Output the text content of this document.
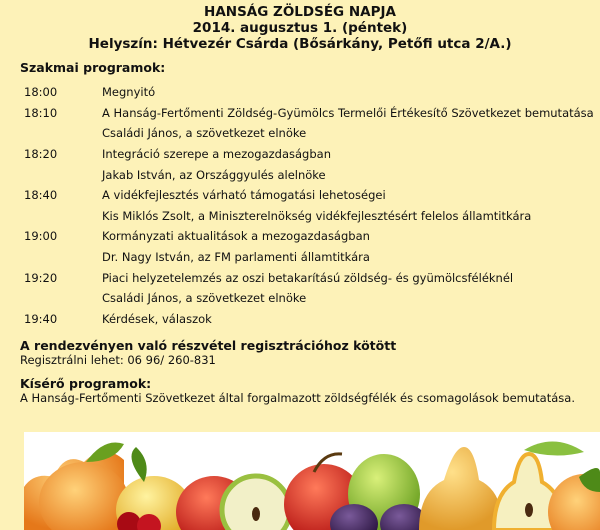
HANSÁG ZÖLDSÉG NAPJA
2014. augusztus 1. (péntek)
Helyszín: Hétvezér Csárda (Bősárkány, Petőfi utca 2/A.)
Szakmai programok:
18:00	Megnyitó
18:10	A Hanság-Fertőmenti Zöldség-Gyümölcs Termelői Értékesítő Szövetkezet bemutatása
Családi János, a szövetkezet elnöke
18:20	Integráció szerepe a mezogazdaságban
Jakab István, az Országgyulés alelnöke
18:40	A vidékfejlesztés várható támogatási lehetoségei
Kis Miklós Zsolt, a Miniszterelnökség vidékfejlesztésért felelos államtitkára
19:00	Kormányzati aktualitások a mezogazdaságban
Dr. Nagy István, az FM parlamenti államtitkára
19:20	Piaci helyzetelemzés az oszi betakarítású zöldség- és gyümölcsféléknél
Családi János, a szövetkezet elnöke
19:40	Kérdések, válaszok
A rendezvényen való részvétel regisztrációhoz kötött
Regisztrálni lehet: 06 96/ 260-831
Kísérő programok:
A Hanság-Fertőmenti Szövetkezet által forgalmazott zöldségfélék és csomagolások bemutatása.
